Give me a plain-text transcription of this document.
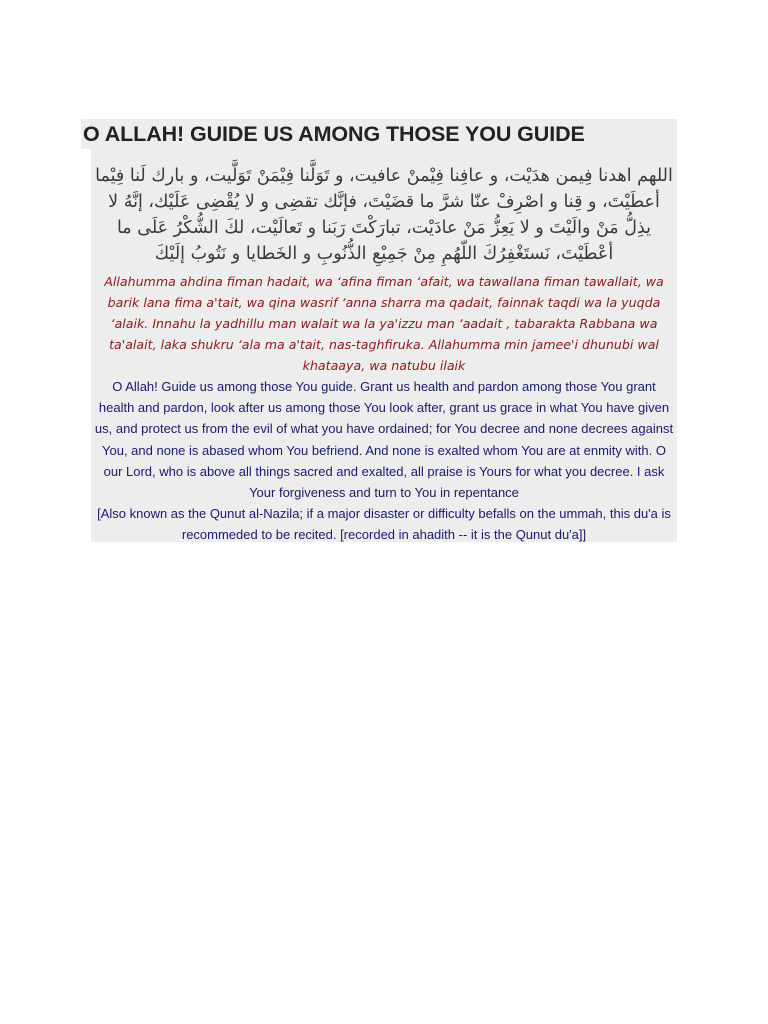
O ALLAH! GUIDE US AMONG THOSE YOU GUIDE

اللهم اهدنا فِيمن هدَيْت، و عافِنا فِيْمنْ عافيت، و تَوَلَّنا فِيْمَنْ تَوَلَّيت، و بارك لَنا فِيْما أعطَيْتَ، و قِنا و اصْرِفْ عنّا شرَّ ما قضَيْتَ، فإنَّك تقضِى و لا يُقْضِى عَلَيْك، إنَّهُ لا يذِلُّ مَنْ والَيْتَ و لا يَعِزُّ مَنْ عادَيْت، تبارَكْتَ رَبَنا و تَعالَيْت، لكَ الشُّكْرُ عَلَى ما أعْطَيْتَ، نَستَغْفِرُكَ اللّهُمِ مِنْ جَمِيْعِ الذُّنُوبِ و الخَطايا و نَتُوبُ إلَيْكَ

Allahumma ahdina fiman hadait, wa ‘afina fiman ‘afait, wa tawallana fiman tawallait, wa barik lana fima a'tait, wa qina wasrif ‘anna sharra ma qadait, fainnak taqdi wa la yuqda ‘alaik. Innahu la yadhillu man walait wa la ya'izzu man ‘aadait , tabarakta Rabbana wa ta'alait, laka shukru ‘ala ma a'tait, nas-taghfiruka. Allahumma min jamee'i dhunubi wal khataaya, wa natubu ilaik

O Allah! Guide us among those You guide. Grant us health and pardon among those You grant health and pardon, look after us among those You look after, grant us grace in what You have given us, and protect us from the evil of what you have ordained; for You decree and none decrees against You, and none is abased whom You befriend. And none is exalted whom You are at enmity with. O our Lord, who is above all things sacred and exalted, all praise is Yours for what you decree. I ask Your forgiveness and turn to You in repentance

[Also known as the Qunut al-Nazila; if a major disaster or difficulty befalls on the ummah, this du'a is recommeded to be recited. [recorded in ahadith -- it is the Qunut du'a]]
